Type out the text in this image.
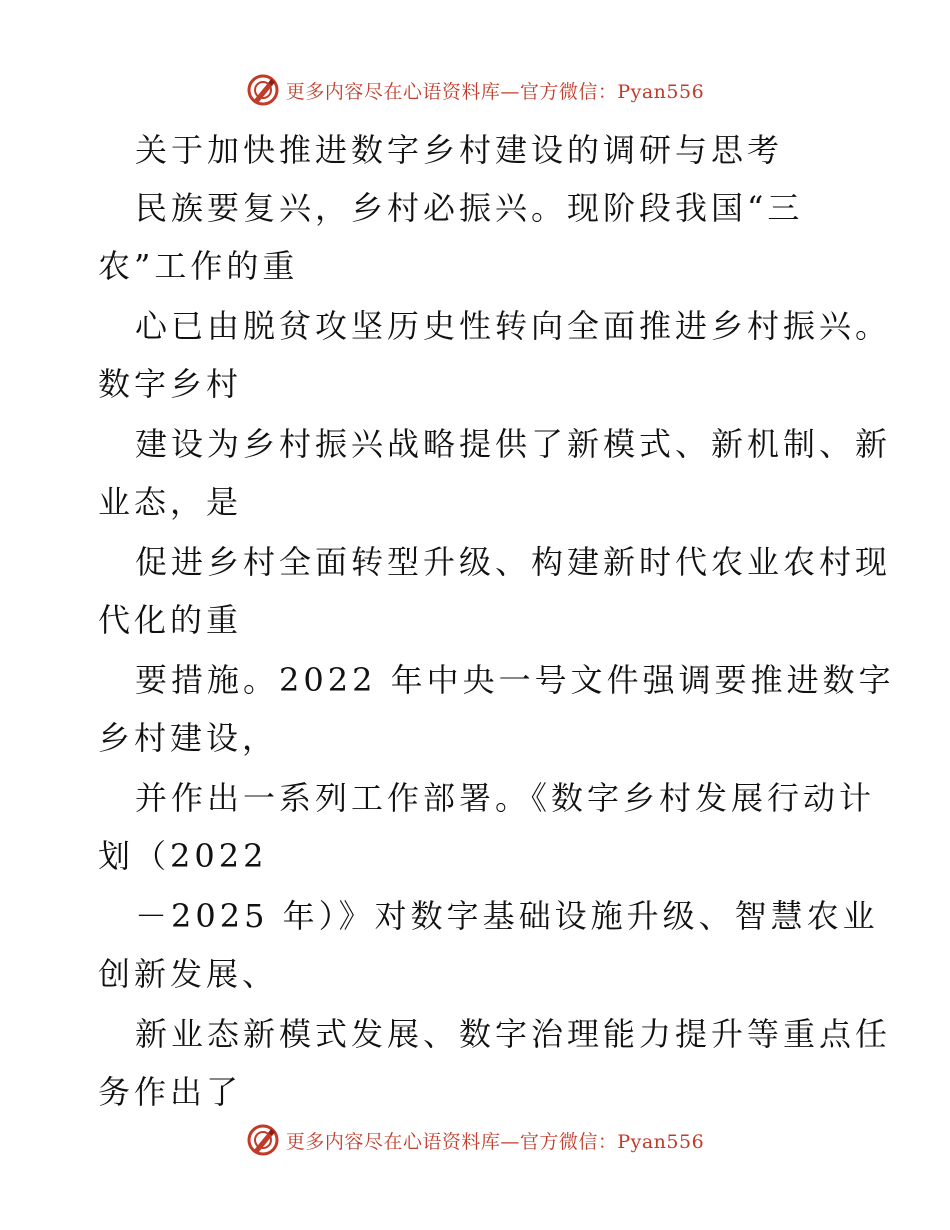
更多内容尽在心语资料库—官方微信：Pyan556
关于加快推进数字乡村建设的调研与思考
民族要复兴，乡村必振兴。现阶段我国“三
农”工作的重
心已由脱贫攻坚历史性转向全面推进乡村振兴。
数字乡村
建设为乡村振兴战略提供了新模式、新机制、新
业态，是
促进乡村全面转型升级、构建新时代农业农村现
代化的重
要措施。2022 年中央一号文件强调要推进数字
乡村建设，
并作出一系列工作部署。《数字乡村发展行动计
划（2022
－2025 年）》对数字基础设施升级、智慧农业
创新发展、
新业态新模式发展、数字治理能力提升等重点任
务作出了
更多内容尽在心语资料库—官方微信：Pyan556
